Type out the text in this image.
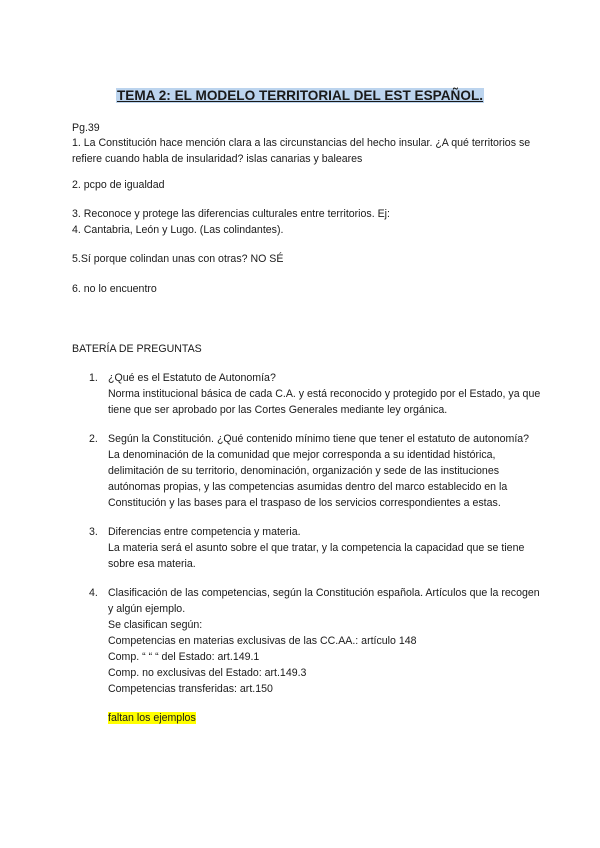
TEMA 2: EL MODELO TERRITORIAL DEL EST ESPAÑOL.

Pg.39

1. La Constitución hace mención clara a las circunstancias del hecho insular. ¿A qué territorios se refiere cuando habla de insularidad? islas canarias y baleares

2. pcpo de igualdad

3. Reconoce y protege las diferencias culturales entre territorios. Ej:

4. Cantabria, León y Lugo. (Las colindantes).

5.Sí porque colindan unas con otras? NO SÉ

6. no lo encuentro

BATERÍA DE PREGUNTAS

1. ¿Qué es el Estatuto de Autonomía?
Norma institucional básica de cada C.A. y está reconocido y protegido por el Estado, ya que tiene que ser aprobado por las Cortes Generales mediante ley orgánica.
2. Según la Constitución. ¿Qué contenido mínimo tiene que tener el estatuto de autonomía?
La denominación de la comunidad que mejor corresponda a su identidad histórica, delimitación de su territorio, denominación, organización y sede de las instituciones autónomas propias, y las competencias asumidas dentro del marco establecido en la Constitución y las bases para el traspaso de los servicios correspondientes a estas.
3. Diferencias entre competencia y materia.
La materia será el asunto sobre el que tratar, y la competencia la capacidad que se tiene sobre esa materia.
4. Clasificación de las competencias, según la Constitución española. Artículos que la recogen y algún ejemplo.
Se clasifican según:
Competencias en materias exclusivas de las CC.AA.: artículo 148
Comp. “ “ “ del Estado: art.149.1
Comp. no exclusivas del Estado: art.149.3
Competencias transferidas: art.150
faltan los ejemplos
